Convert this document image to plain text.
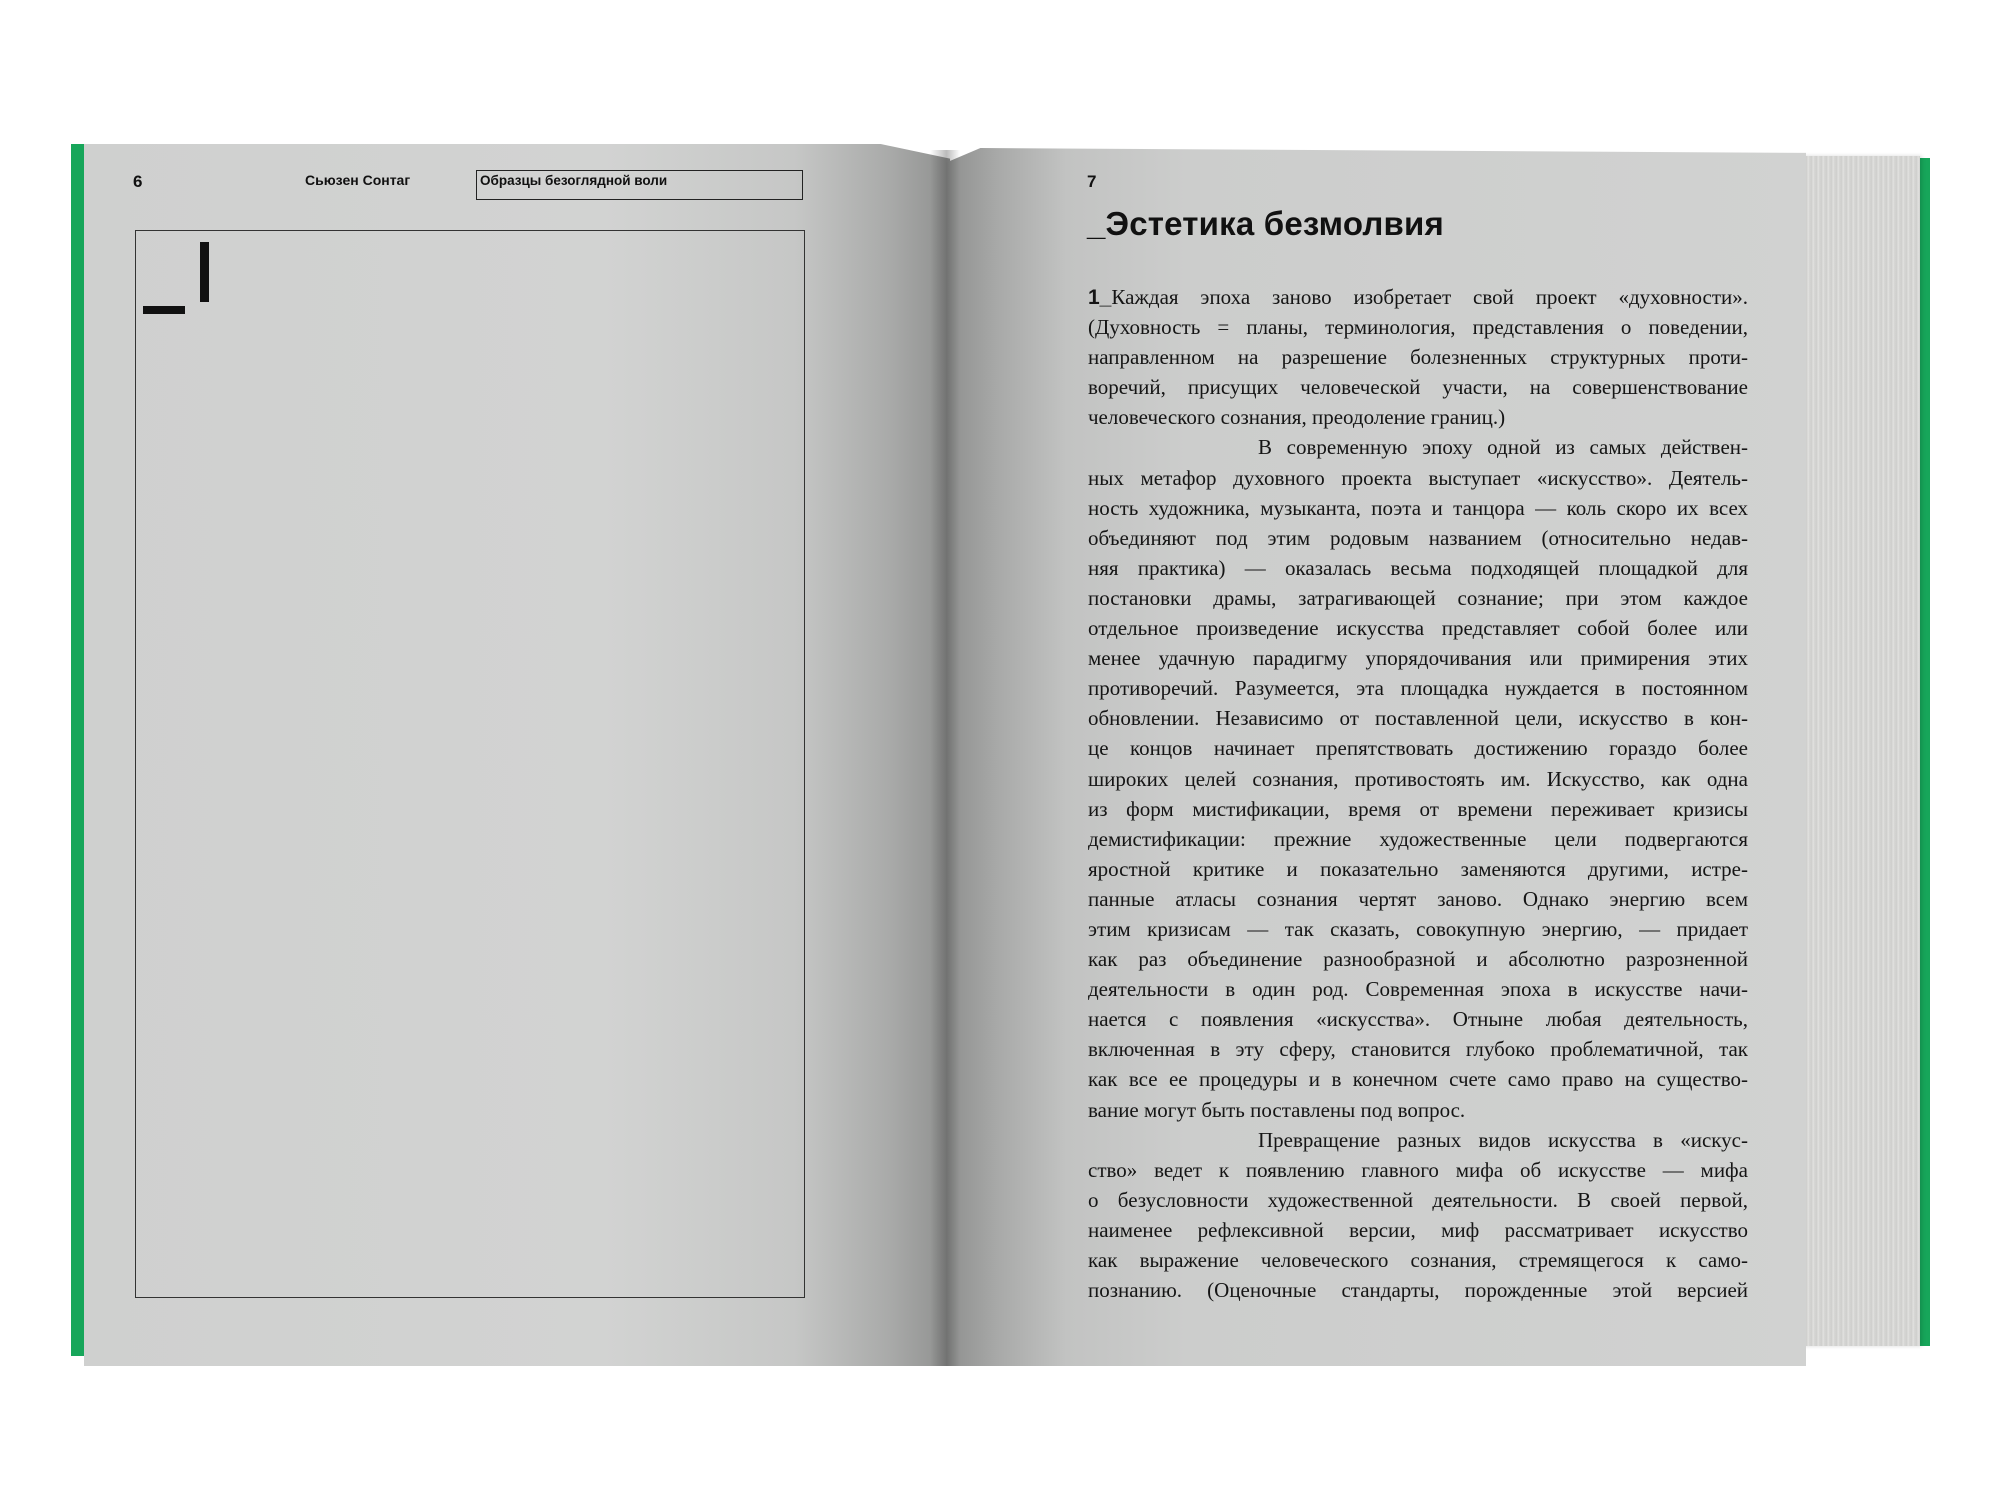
6	Сьюзен Сонтаг	Образцы безоглядной воли	7
_Эстетика безмолвия
1_Каждая эпоха заново изобретает свой проект «духовности».
(Духовность = планы, терминология, представления о поведении,
направленном на разрешение болезненных структурных проти-
воречий, присущих человеческой участи, на совершенствование
человеческого сознания, преодоление границ.)
В современную эпоху одной из самых действен-
ных метафор духовного проекта выступает «искусство». Деятель-
ность художника, музыканта, поэта и танцора — коль скоро их всех
объединяют под этим родовым названием (относительно недав-
няя практика) — оказалась весьма подходящей площадкой для
постановки драмы, затрагивающей сознание; при этом каждое
отдельное произведение искусства представляет собой более или
менее удачную парадигму упорядочивания или примирения этих
противоречий. Разумеется, эта площадка нуждается в постоянном
обновлении. Независимо от поставленной цели, искусство в кон-
це концов начинает препятствовать достижению гораздо более
широких целей сознания, противостоять им. Искусство, как одна
из форм мистификации, время от времени переживает кризисы
демистификации: прежние художественные цели подвергаются
яростной критике и показательно заменяются другими, истре-
панные атласы сознания чертят заново. Однако энергию всем
этим кризисам — так сказать, совокупную энергию, — придает
как раз объединение разнообразной и абсолютно разрозненной
деятельности в один род. Современная эпоха в искусстве начи-
нается с появления «искусства». Отныне любая деятельность,
включенная в эту сферу, становится глубоко проблематичной, так
как все ее процедуры и в конечном счете само право на существо-
вание могут быть поставлены под вопрос.
Превращение разных видов искусства в «искус-
ство» ведет к появлению главного мифа об искусстве — мифа
о безусловности художественной деятельности. В своей первой,
наименее рефлексивной версии, миф рассматривает искусство
как выражение человеческого сознания, стремящегося к само-
познанию. (Оценочные стандарты, порожденные этой версией
